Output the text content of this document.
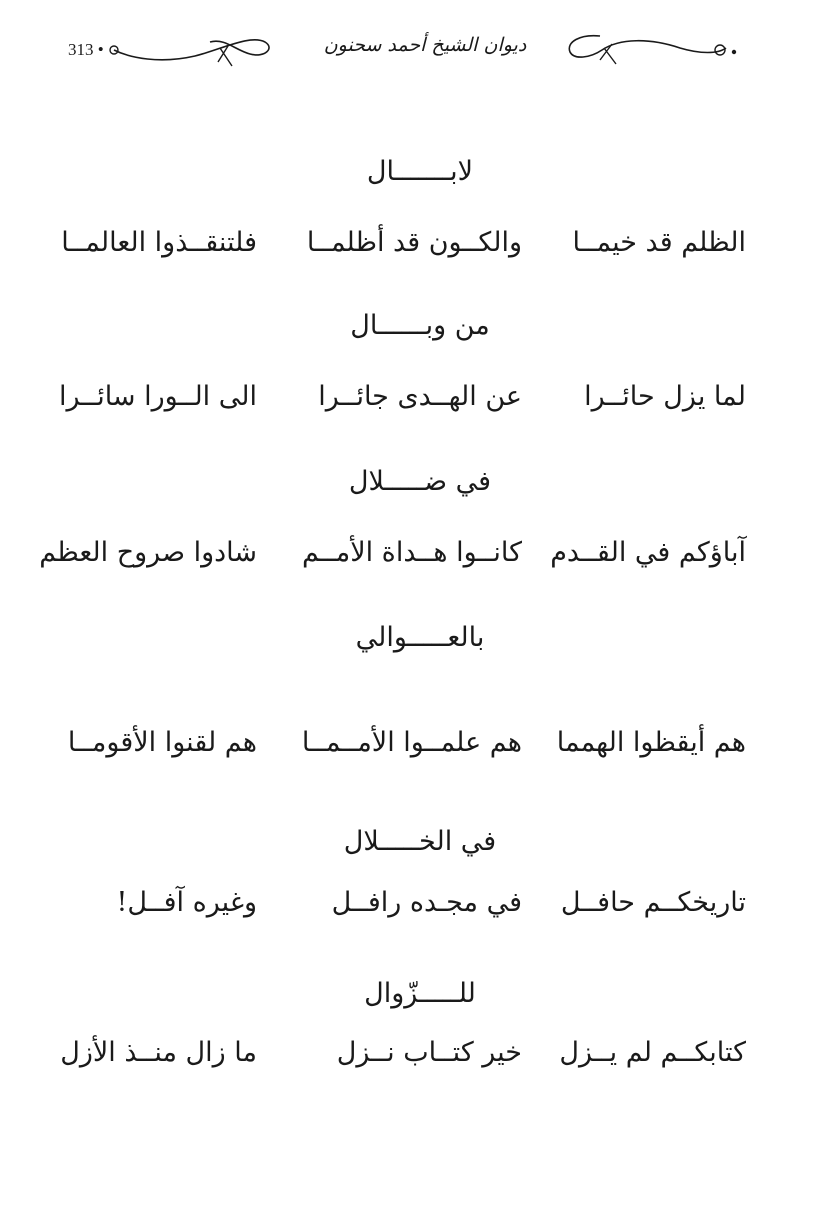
313 •	ديوان الشيخ أحمد سحنون
لابـــــــال
الظلم قد خيمــا
والكــون قد أظلمــا
فلتنقــذوا العالمــا
من وبــــــال
لما يزل حائــرا
عن الهــدى جائــرا
الى الــورا سائــرا
في ضـــــلال
آباؤكم في القــدم
كانــوا هــداة الأمــم
شادوا صروح العظم
بالعـــــوالي
هم أيقظوا الهمما
هم علمــوا الأمــمــا
هم لقنوا الأقومــا
في الخـــــلال
تاريخكــم حافــل
في مجـده رافــل
وغيره آفــل!
للـــــزّوال
كتابكــم لم يــزل
خير كتــاب نــزل
ما زال منــذ الأزل
